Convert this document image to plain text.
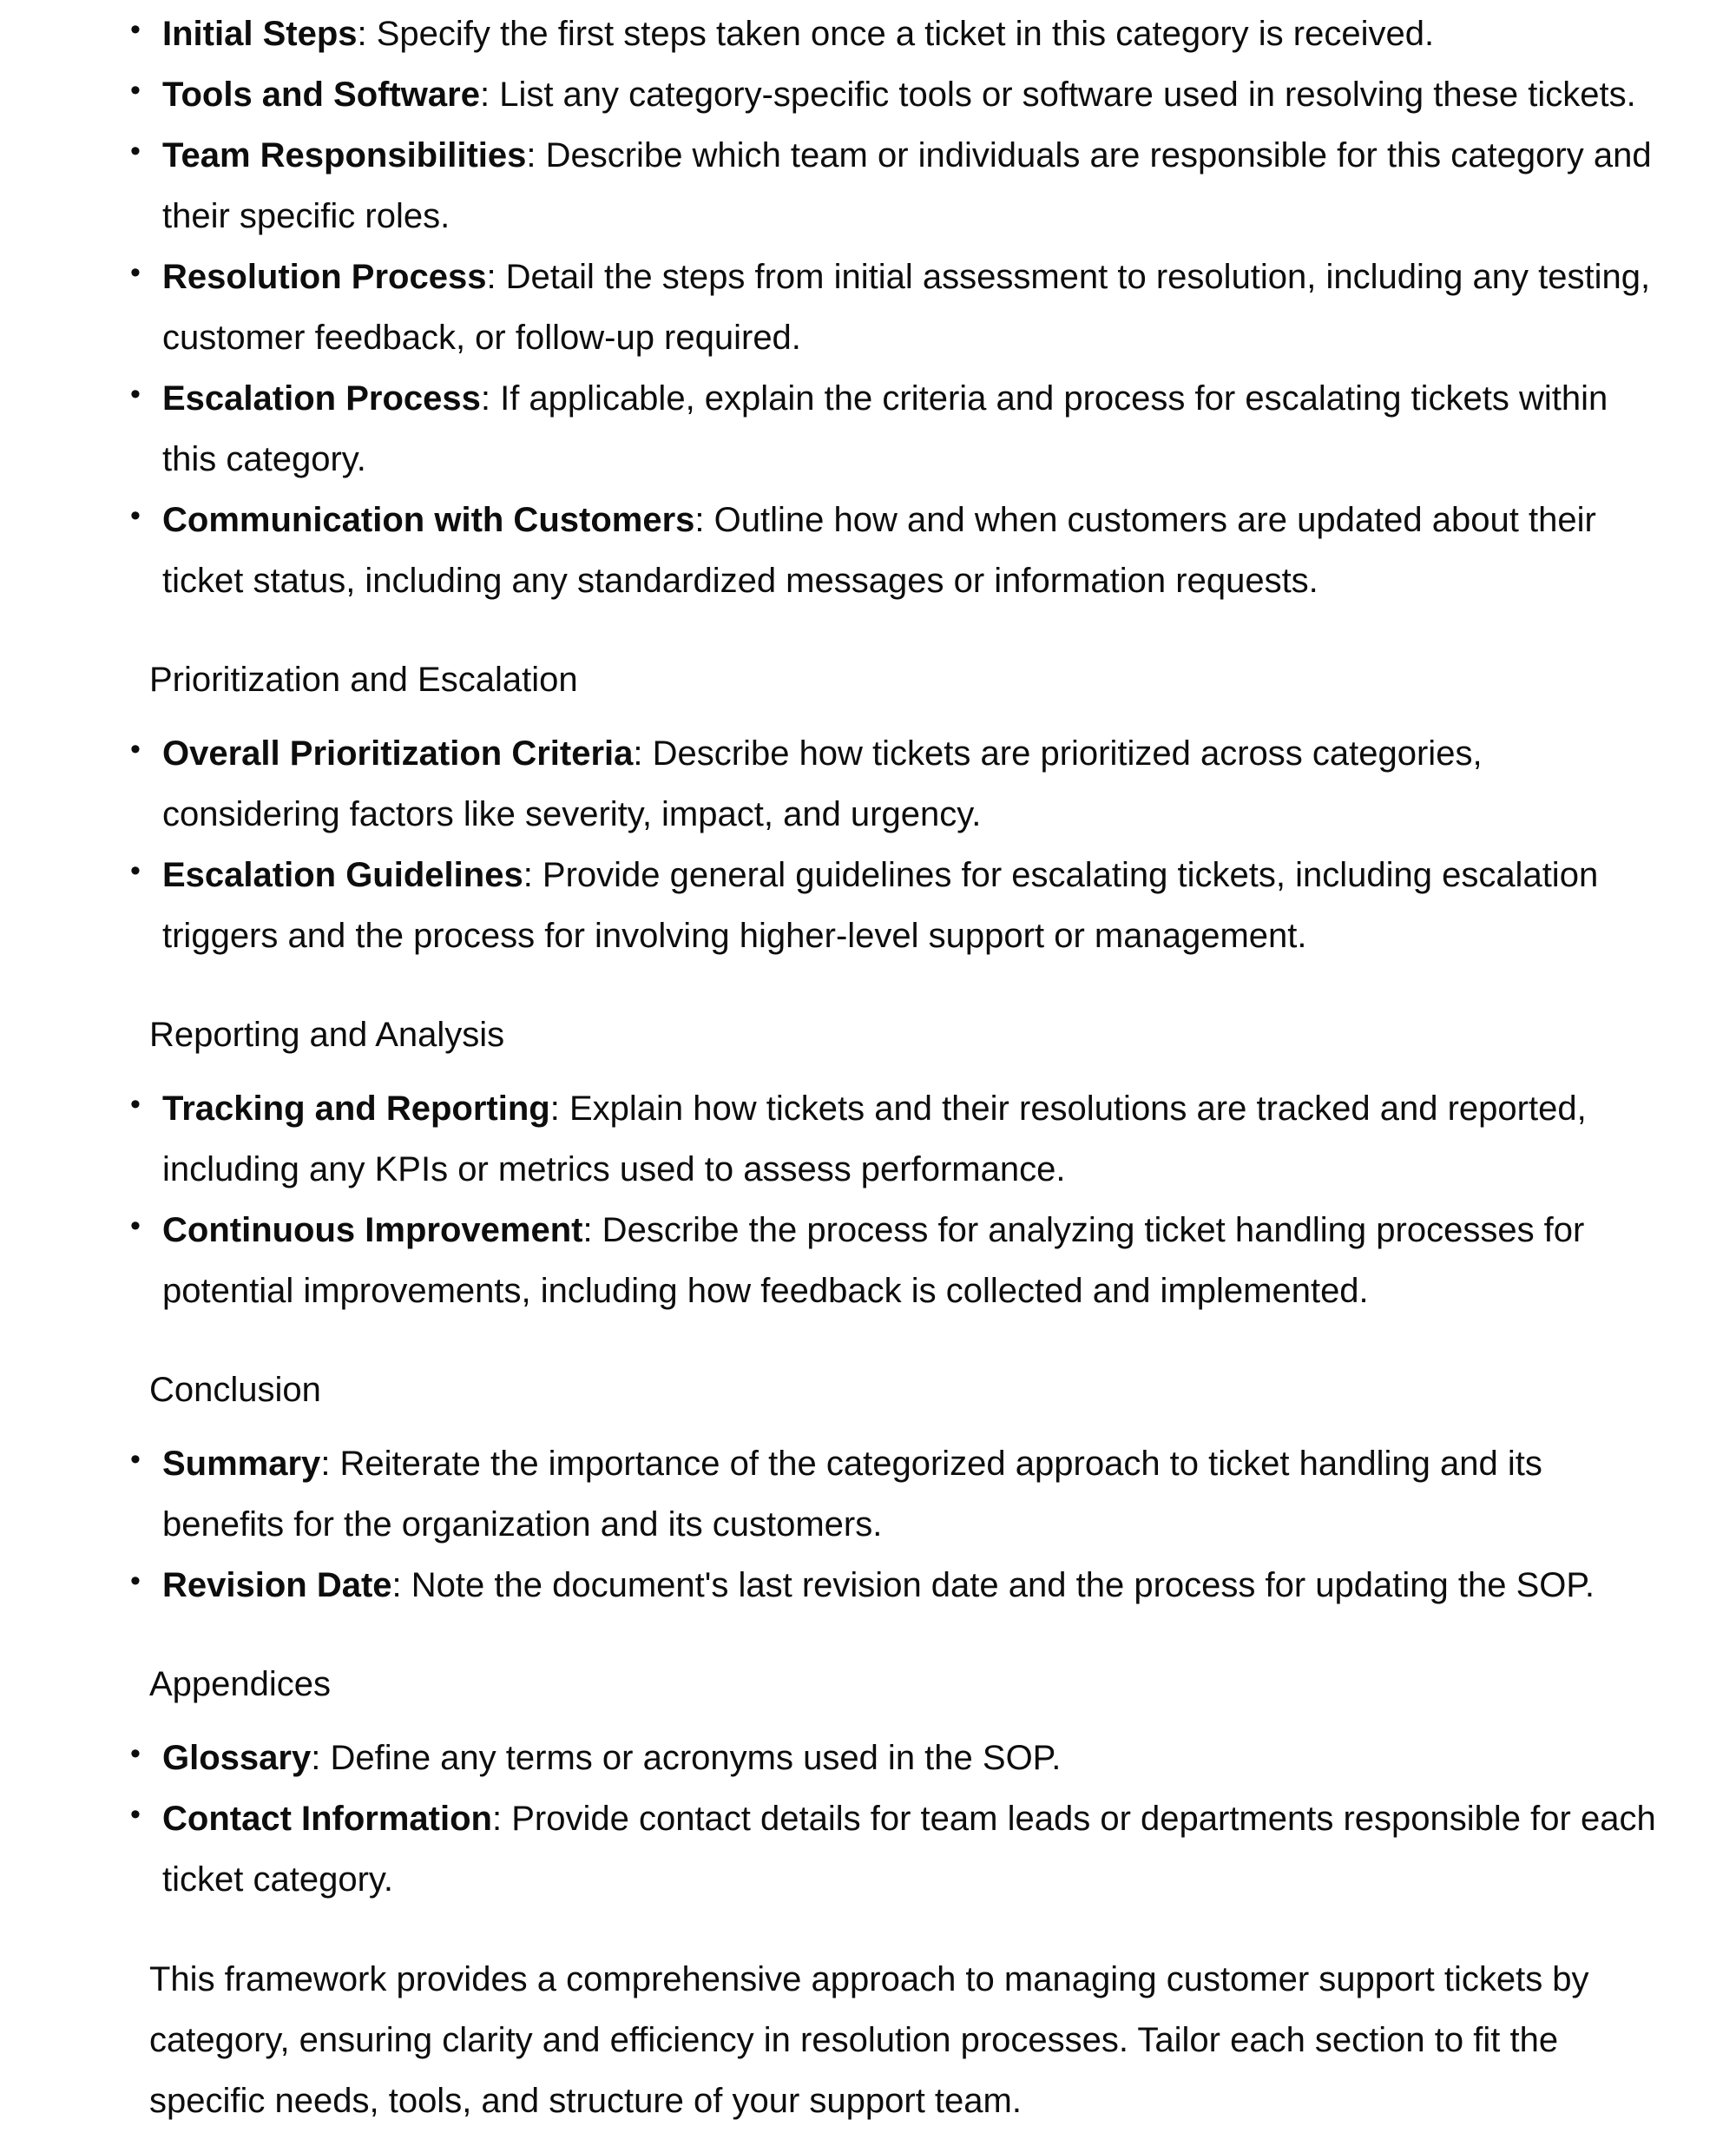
• Initial Steps: Specify the first steps taken once a ticket in this category is received.
• Tools and Software: List any category-specific tools or software used in resolving these tickets.
• Team Responsibilities: Describe which team or individuals are responsible for this category and their specific roles.
• Resolution Process: Detail the steps from initial assessment to resolution, including any testing, customer feedback, or follow-up required.
• Escalation Process: If applicable, explain the criteria and process for escalating tickets within this category.
• Communication with Customers: Outline how and when customers are updated about their ticket status, including any standardized messages or information requests.
Prioritization and Escalation
• Overall Prioritization Criteria: Describe how tickets are prioritized across categories, considering factors like severity, impact, and urgency.
• Escalation Guidelines: Provide general guidelines for escalating tickets, including escalation triggers and the process for involving higher-level support or management.
Reporting and Analysis
• Tracking and Reporting: Explain how tickets and their resolutions are tracked and reported, including any KPIs or metrics used to assess performance.
• Continuous Improvement: Describe the process for analyzing ticket handling processes for potential improvements, including how feedback is collected and implemented.
Conclusion
• Summary: Reiterate the importance of the categorized approach to ticket handling and its benefits for the organization and its customers.
• Revision Date: Note the document's last revision date and the process for updating the SOP.
Appendices
• Glossary: Define any terms or acronyms used in the SOP.
• Contact Information: Provide contact details for team leads or departments responsible for each ticket category.

This framework provides a comprehensive approach to managing customer support tickets by category, ensuring clarity and efficiency in resolution processes. Tailor each section to fit the specific needs, tools, and structure of your support team.
